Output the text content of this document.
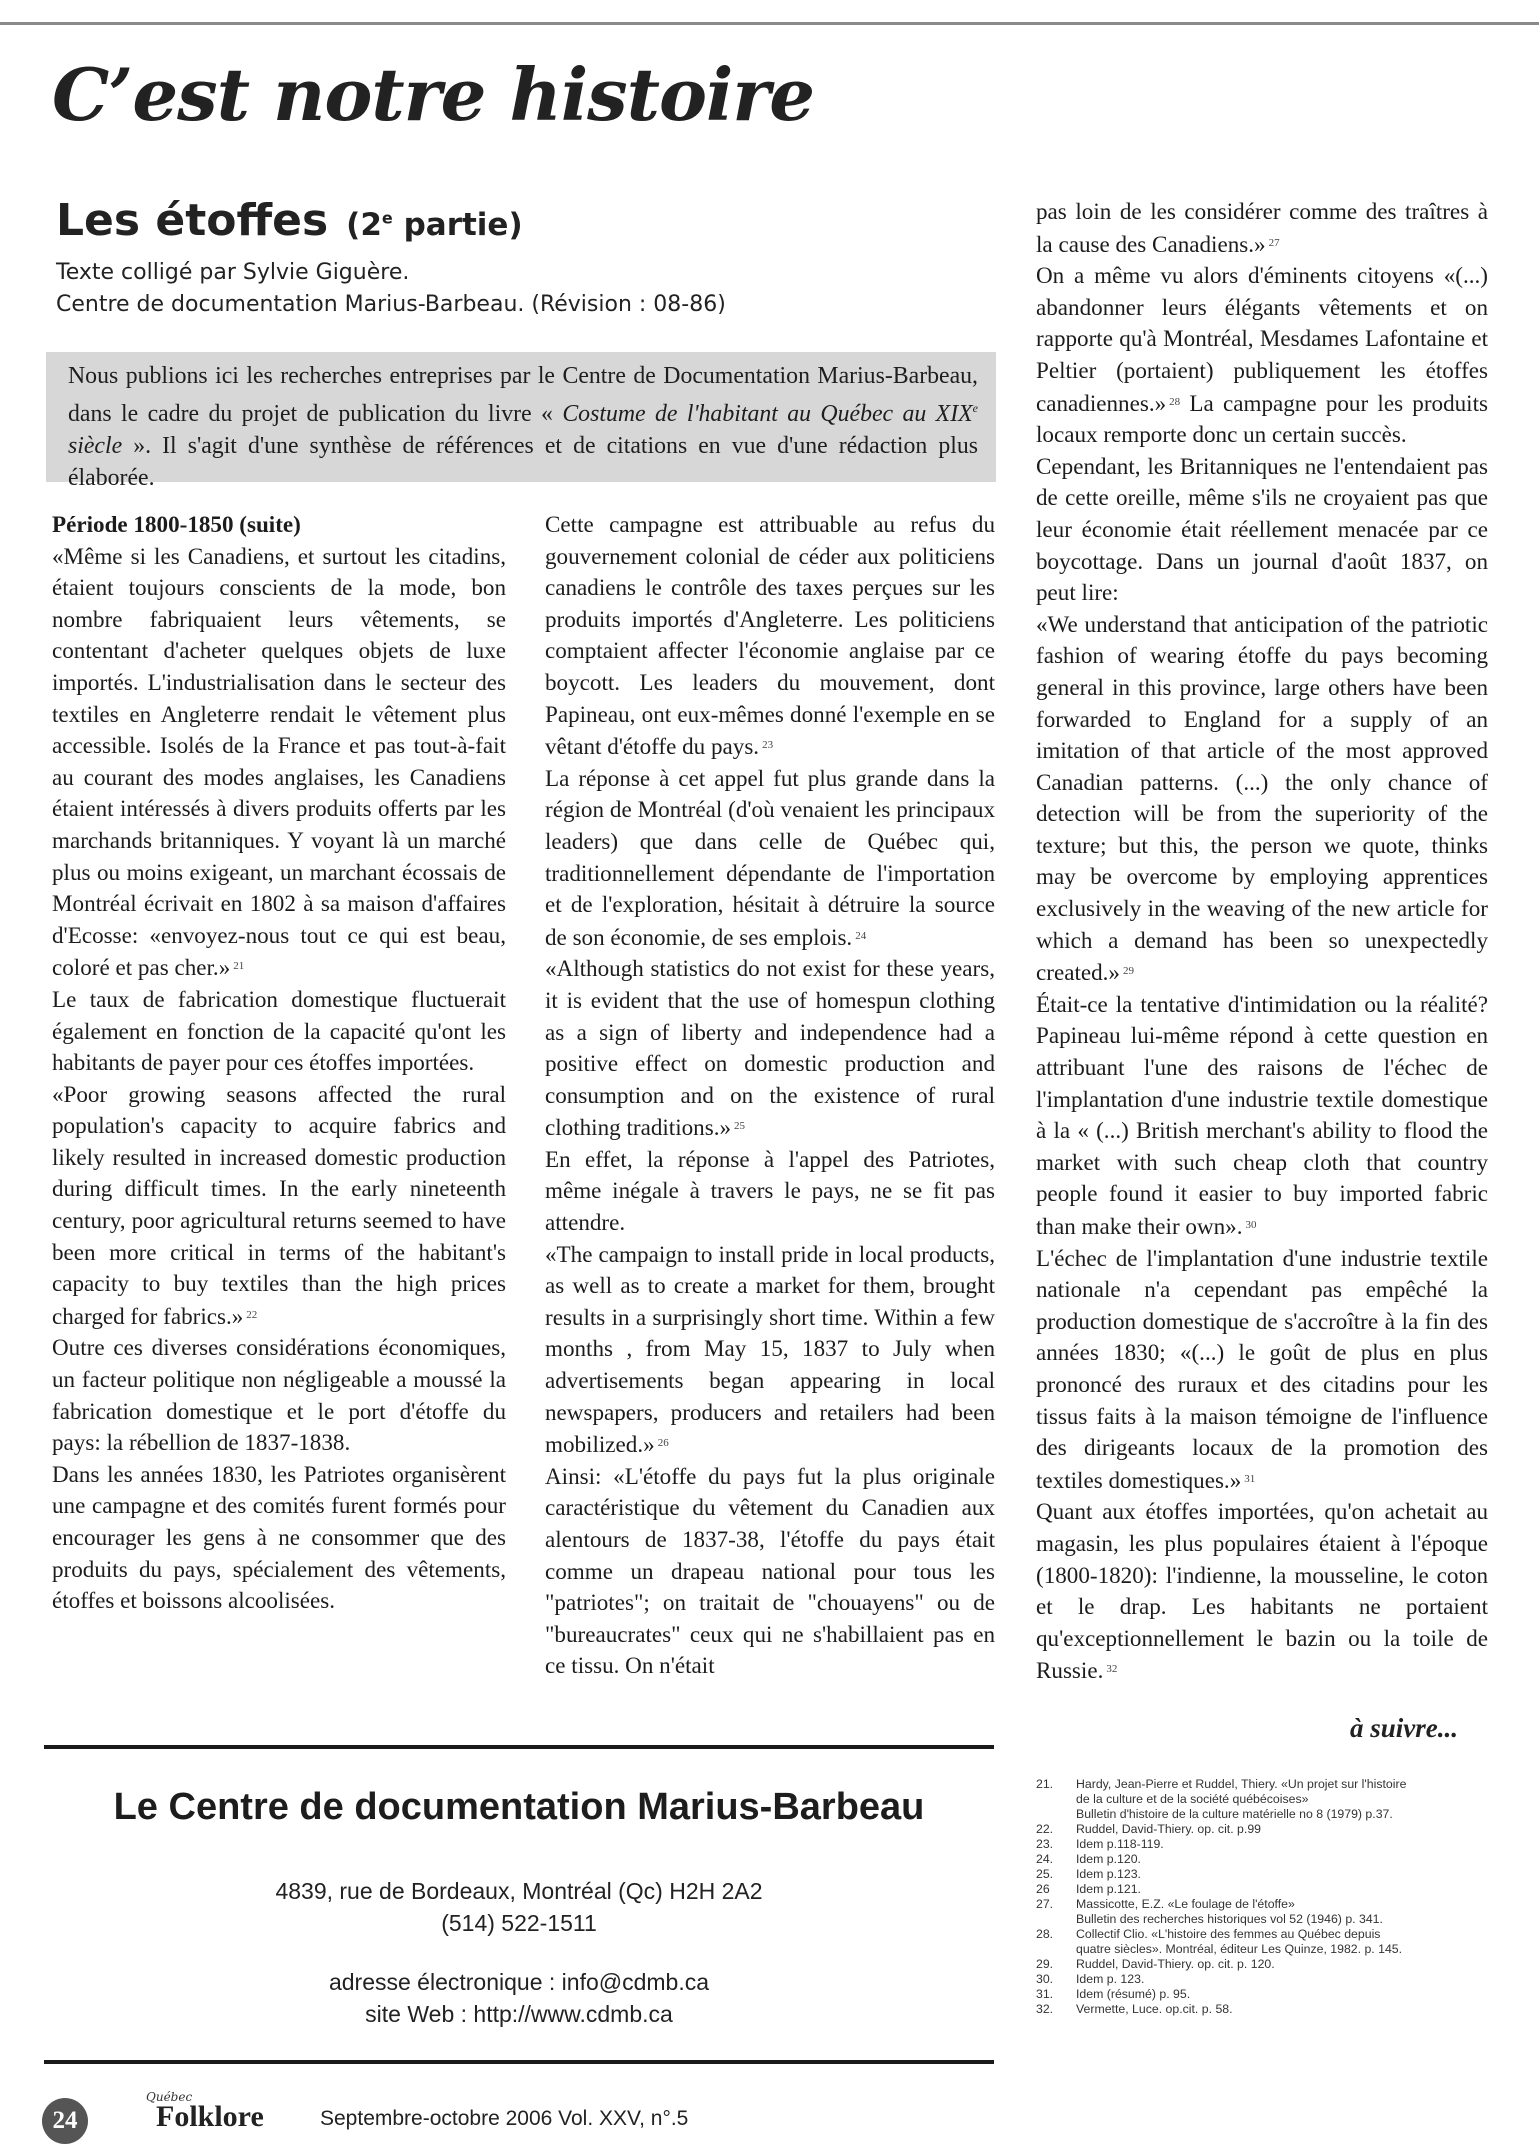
C’est notre histoire
Les étoffes (2e partie)
Texte colligé par Sylvie Giguère.
Centre de documentation Marius-Barbeau. (Révision : 08-86)
Nous publions ici les recherches entreprises par le Centre de Documentation Marius-Barbeau, dans le cadre du projet de publication du livre « Costume de l'habitant au Québec au XIXe siècle ». Il s'agit d'une synthèse de références et de citations en vue d'une rédaction plus élaborée.

Période 1800-1850 (suite)

«Même si les Canadiens, et surtout les citadins, étaient toujours conscients de la mode, bon nombre fabriquaient leurs vêtements, se contentant d'acheter quelques objets de luxe importés. L'industrialisation dans le secteur des textiles en Angleterre rendait le vêtement plus accessible. Isolés de la France et pas tout-à-fait au courant des modes anglaises, les Canadiens étaient intéressés à divers produits offerts par les marchands britanniques. Y voyant là un marché plus ou moins exigeant, un marchant écossais de Montréal écrivait en 1802 à sa maison d'affaires d'Ecosse: «envoyez-nous tout ce qui est beau, coloré et pas cher.» $^{21}$

Le taux de fabrication domestique fluctuerait également en fonction de la capacité qu'ont les habitants de payer pour ces étoffes importées.

«Poor growing seasons affected the rural population's capacity to acquire fabrics and likely resulted in increased domestic production during difficult times. In the early nineteenth century, poor agricultural returns seemed to have been more critical in terms of the habitant's capacity to buy textiles than the high prices charged for fabrics.» $^{22}$

Outre ces diverses considérations économiques, un facteur politique non négligeable a moussé la fabrication domestique et le port d'étoffe du pays: la rébellion de 1837-1838.

Dans les années 1830, les Patriotes organisèrent une campagne et des comités furent formés pour encourager les gens à ne consommer que des produits du pays, spécialement des vêtements, étoffes et boissons alcoolisées.

Cette campagne est attribuable au refus du gouvernement colonial de céder aux politiciens canadiens le contrôle des taxes perçues sur les produits importés d'Angleterre. Les politiciens comptaient affecter l'économie anglaise par ce boycott. Les leaders du mouvement, dont Papineau, ont eux-mêmes donné l'exemple en se vêtant d'étoffe du pays. $^{23}$

La réponse à cet appel fut plus grande dans la région de Montréal (d'où venaient les principaux leaders) que dans celle de Québec qui, traditionnellement dépendante de l'importation et de l'exploration, hésitait à détruire la source de son économie, de ses emplois. $^{24}$

«Although statistics do not exist for these years, it is evident that the use of homespun clothing as a sign of liberty and independence had a positive effect on domestic production and consumption and on the existence of rural clothing traditions.» $^{25}$

En effet, la réponse à l'appel des Patriotes, même inégale à travers le pays, ne se fit pas attendre.

«The campaign to install pride in local products, as well as to create a market for them, brought results in a surprisingly short time. Within a few months , from May 15, 1837 to July when advertisements began appearing in local newspapers, producers and retailers had been mobilized.» $^{26}$

Ainsi: «L'étoffe du pays fut la plus originale caractéristique du vêtement du Canadien aux alentours de 1837-38, l'étoffe du pays était comme un drapeau national pour tous les "patriotes"; on traitait de "chouayens" ou de "bureaucrates" ceux qui ne s'habillaient pas en ce tissu. On n'était

pas loin de les considérer comme des traîtres à la cause des Canadiens.» $^{27}$

On a même vu alors d'éminents citoyens «(...) abandonner leurs élégants vêtements et on rapporte qu'à Montréal, Mesdames Lafontaine et Peltier (portaient) publiquement les étoffes canadiennes.» $^{28}$ La campagne pour les produits locaux remporte donc un certain succès.

Cependant, les Britanniques ne l'entendaient pas de cette oreille, même s'ils ne croyaient pas que leur économie était réellement menacée par ce boycottage. Dans un journal d'août 1837, on peut lire:

«We understand that anticipation of the patriotic fashion of wearing étoffe du pays becoming general in this province, large others have been forwarded to England for a supply of an imitation of that article of the most approved Canadian patterns. (...) the only chance of detection will be from the superiority of the texture; but this, the person we quote, thinks may be overcome by employing apprentices exclusively in the weaving of the new article for which a demand has been so unexpectedly created.» $^{29}$

Était-ce la tentative d'intimidation ou la réalité? Papineau lui-même répond à cette question en attribuant l'une des raisons de l'échec de l'implantation d'une industrie textile domestique à la « (...) British merchant's ability to flood the market with such cheap cloth that country people found it easier to buy imported fabric than make their own». $^{30}$

L'échec de l'implantation d'une industrie textile nationale n'a cependant pas empêché la production domestique de s'accroître à la fin des années 1830; «(...) le goût de plus en plus prononcé des ruraux et des citadins pour les tissus faits à la maison témoigne de l'influence des dirigeants locaux de la promotion des textiles domestiques.» $^{31}$

Quant aux étoffes importées, qu'on achetait au magasin, les plus populaires étaient à l'époque (1800-1820): l'indienne, la mousseline, le coton et le drap. Les habitants ne portaient qu'exceptionnellement le bazin ou la toile de Russie. $^{32}$

à suivre...
Le Centre de documentation Marius-Barbeau
4839, rue de Bordeaux, Montréal (Qc) H2H 2A2
(514) 522-1511
adresse électronique : info@cdmb.ca
site Web : http://www.cdmb.ca
21.	Hardy, Jean-Pierre et Ruddel, Thiery. «Un projet sur l'histoire
de la culture et de la société québécoises»
Bulletin d'histoire de la culture matérielle no 8 (1979) p.37.
22.	Ruddel, David-Thiery. op. cit. p.99
23.	Idem p.118-119.
24.	Idem p.120.
25.	Idem p.123.
26	Idem p.121.
27.	Massicotte, E.Z. «Le foulage de l'étoffe»
Bulletin des recherches historiques vol 52 (1946) p. 341.
28.	Collectif Clio. «L'histoire des femmes au Québec depuis
quatre siècles». Montréal, éditeur Les Quinze, 1982. p. 145.
29.	Ruddel, David-Thiery. op. cit. p. 120.
30.	Idem p. 123.
31.	Idem (résumé) p. 95.
32.	Vermette, Luce. op.cit. p. 58.
24
Québec
Folklore	Septembre-octobre 2006 Vol. XXV, n°.5
